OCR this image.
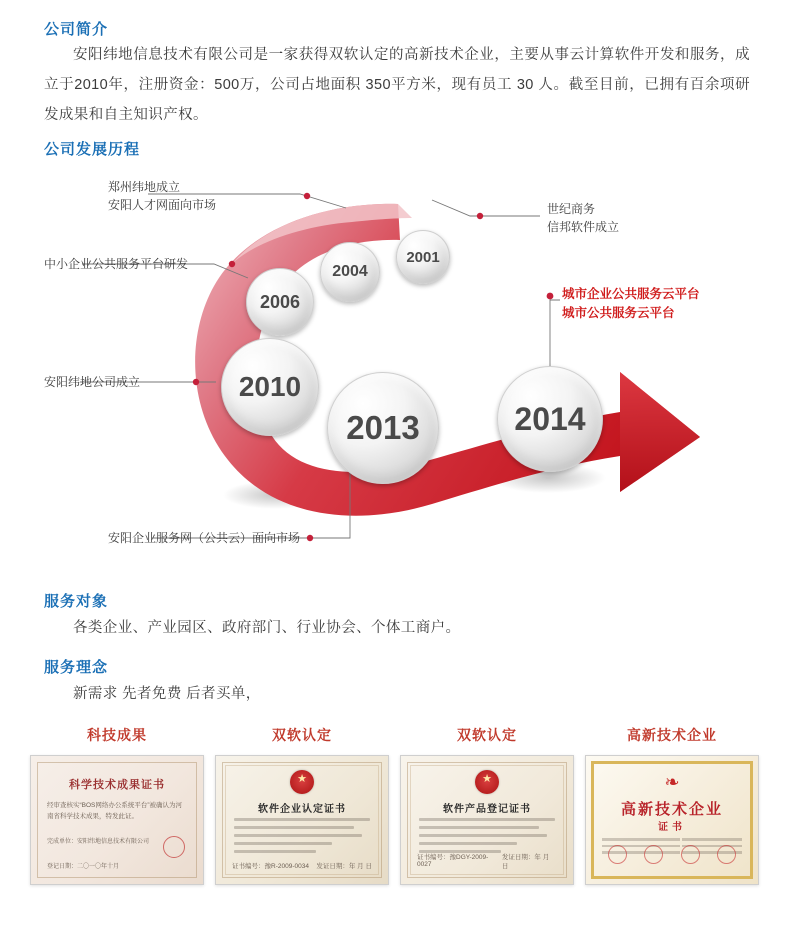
公司简介
安阳纬地信息技术有限公司是一家获得双软认定的高新技术企业，主要从事云计算软件开发和服务，成立于2010年，注册资金：500万，公司占地面积 350平方米，现有员工 30 人。截至目前，已拥有百余项研发成果和自主知识产权。
公司发展历程
2001
2004
2006
2010
2013	2014
世纪商务
信邦软件成立
郑州纬地成立
安阳人才网面向市场
中小企业公共服务平台研发
安阳纬地公司成立
安阳企业服务网（公共云）面向市场
城市企业公共服务云平台
城市公共服务云平台
服务对象
各类企业、产业园区、政府部门、行业协会、个体工商户。
服务理念
新需求 先者免费 后者买单，
科技成果
科学技术成果证书
经审查核实“BOS网络办公系统平台”被确认为河南省科学技术成果，特发此证。
完成单位：安阳纬地信息技术有限公司
登记日期：二〇一〇年十月
双软认定
★
软件企业认定证书
证书编号：豫R-2009-0034 发证日期：年 月 日
双软认定
★
软件产品登记证书
证书编号：豫DGY-2009-0027
发证日期：年 月 日
高新技术企业
❧
高新技术企业
证书
